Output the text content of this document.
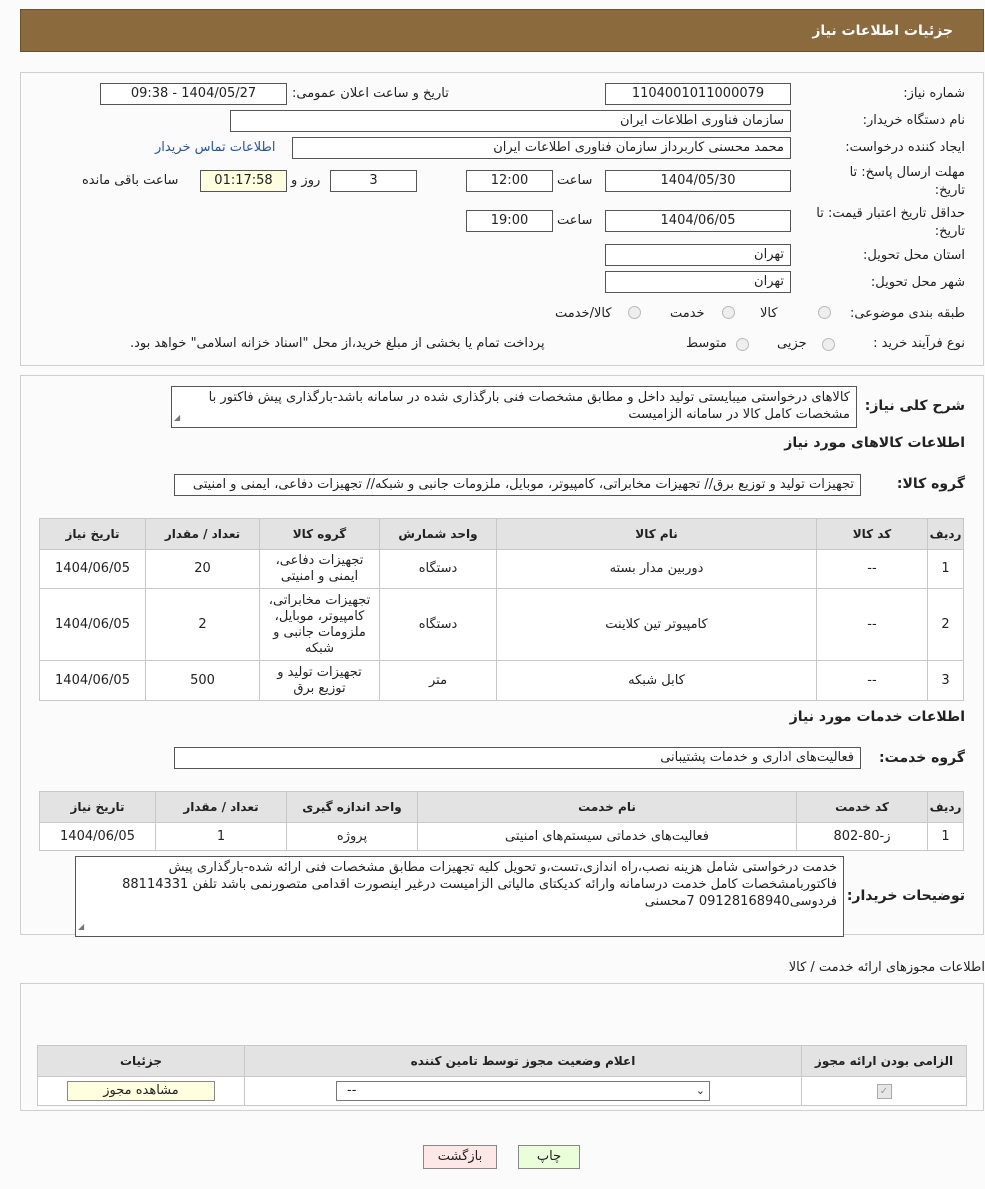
جزئیات اطلاعات نیاز
شماره نیاز:
1104001011000079
تاریخ و ساعت اعلان عمومی:
1404/05/27 - 09:38
نام دستگاه خریدار:
سازمان فناوری اطلاعات ایران
ایجاد کننده درخواست:
محمد محسنی کاربرداز سازمان فناوری اطلاعات ایران
اطلاعات تماس خریدار
مهلت ارسال پاسخ: تا
تاریخ:
1404/05/30
ساعت
12:00
3
روز و
01:17:58
ساعت باقی مانده
حداقل تاریخ اعتبار قیمت: تا
تاریخ:
1404/06/05
ساعت
19:00
استان محل تحویل:
تهران
شهر محل تحویل:
تهران
طبقه بندی موضوعی:
کالا
خدمت
کالا/خدمت
نوع فرآیند خرید :
جزیی
متوسط
پرداخت تمام یا بخشی از مبلغ خرید،از محل "اسناد خزانه اسلامی" خواهد بود.
شرح کلی نیاز:
کالاهای درخواستی میبایستی تولید داخل و مطابق مشخصات فنی بارگذاری شده در سامانه باشد-بارگذاری پیش فاکتور با مشخصات کامل کالا در سامانه الزامیست
◢
اطلاعات کالاهای مورد نیاز
گروه کالا:
تجهیزات تولید و توزیع برق// تجهیزات مخابراتی، کامپیوتر، موبایل، ملزومات جانبی و شبکه// تجهیزات دفاعی، ایمنی و امنیتی
ردیف	کد کالا	نام کالا	واحد شمارش	گروه کالا	تعداد / مقدار	تاریخ نیاز
1	--	دوربین مدار بسته	دستگاه	تجهیزات دفاعی، ایمنی و امنیتی	20	1404/06/05
2	--	کامپیوتر تین کلاینت	دستگاه	تجهیزات مخابراتی، کامپیوتر، موبایل، ملزومات جانبی و شبکه	2	1404/06/05
3	--	کابل شبکه	متر	تجهیزات تولید و توزیع برق	500	1404/06/05
اطلاعات خدمات مورد نیاز
گروه خدمت:
فعالیت‌های اداری و خدمات پشتیبانی
ردیف	کد خدمت	نام خدمت	واحد اندازه گیری	تعداد / مقدار	تاریخ نیاز
1	ز-80-802	فعالیت‌های خدماتی سیستم‌های امنیتی	پروژه	1	1404/06/05
توضیحات خریدار:
خدمت درخواستی شامل هزینه نصب،راه اندازی،تست،و تحویل کلیه تجهیزات مطابق مشخصات فنی ارائه شده-بارگذاری پیش فاکتوربامشخصات کامل خدمت درسامانه وارائه کدیکتای مالیاتی الزامیست درغیر اینصورت اقدامی متصورنمی باشد تلفن 88114331 فردوسی09128168940 7محسنی
◢
اطلاعات مجوزهای ارائه خدمت / کالا
الزامی بودن ارائه مجوز	اعلام وضعیت مجوز توسط تامین کننده	جزئیات
✓	-- ⌄	مشاهده مجوز
چاپ
بازگشت
